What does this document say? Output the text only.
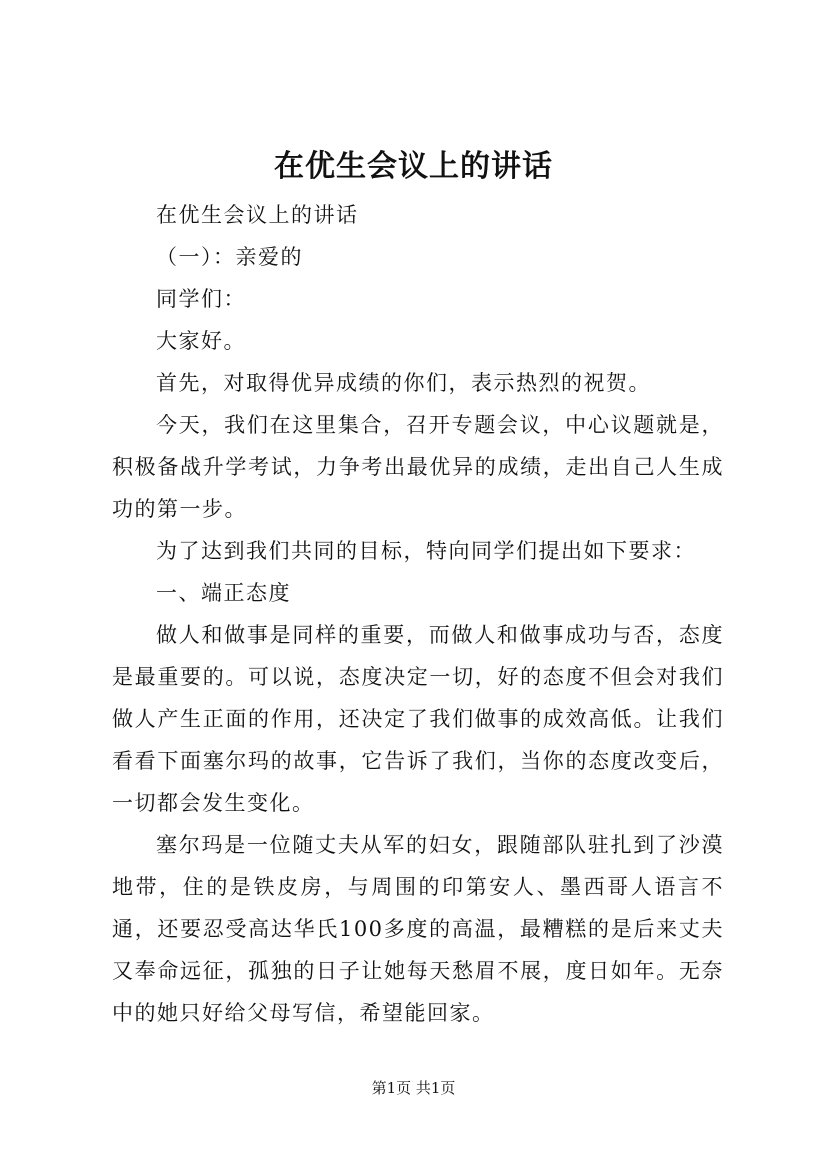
在优生会议上的讲话

在优生会议上的讲话

（一）：亲爱的

同学们：

大家好。

首先，对取得优异成绩的你们，表示热烈的祝贺。

今天，我们在这里集合，召开专题会议，中心议题就是，积极备战升学考试，力争考出最优异的成绩，走出自己人生成功的第一步。

为了达到我们共同的目标，特向同学们提出如下要求：

一、端正态度

做人和做事是同样的重要，而做人和做事成功与否，态度是最重要的。可以说，态度决定一切，好的态度不但会对我们做人产生正面的作用，还决定了我们做事的成效高低。让我们看看下面塞尔玛的故事，它告诉了我们，当你的态度改变后，一切都会发生变化。

塞尔玛是一位随丈夫从军的妇女，跟随部队驻扎到了沙漠地带，住的是铁皮房，与周围的印第安人、墨西哥人语言不通，还要忍受高达华氏100多度的高温，最糟糕的是后来丈夫又奉命远征，孤独的日子让她每天愁眉不展，度日如年。无奈中的她只好给父母写信，希望能回家。

第1页 共1页
